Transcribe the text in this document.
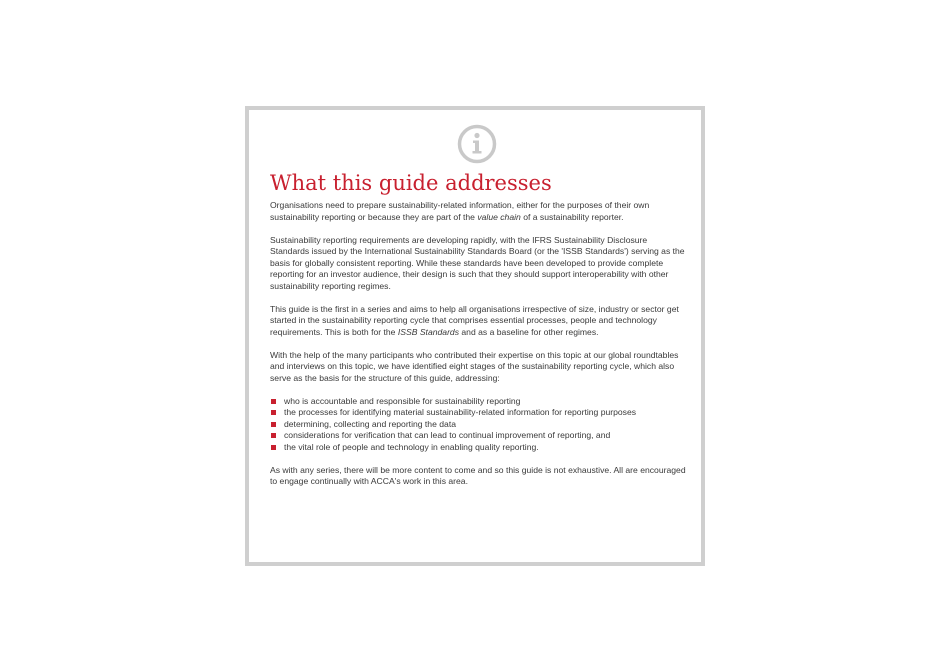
What this guide addresses

Organisations need to prepare sustainability-related information, either for the purposes of their own sustainability reporting or because they are part of the value chain of a sustainability reporter.

Sustainability reporting requirements are developing rapidly, with the IFRS Sustainability Disclosure Standards issued by the International Sustainability Standards Board (or the 'ISSB Standards') serving as the basis for globally consistent reporting. While these standards have been developed to provide complete reporting for an investor audience, their design is such that they should support interoperability with other sustainability reporting regimes.

This guide is the first in a series and aims to help all organisations irrespective of size, industry or sector get started in the sustainability reporting cycle that comprises essential processes, people and technology requirements. This is both for the ISSB Standards and as a baseline for other regimes.

With the help of the many participants who contributed their expertise on this topic at our global roundtables and interviews on this topic, we have identified eight stages of the sustainability reporting cycle, which also serve as the basis for the structure of this guide, addressing:

who is accountable and responsible for sustainability reporting
the processes for identifying material sustainability-related information for reporting purposes
determining, collecting and reporting the data
considerations for verification that can lead to continual improvement of reporting, and
the vital role of people and technology in enabling quality reporting.

As with any series, there will be more content to come and so this guide is not exhaustive. All are encouraged to engage continually with ACCA's work in this area.
